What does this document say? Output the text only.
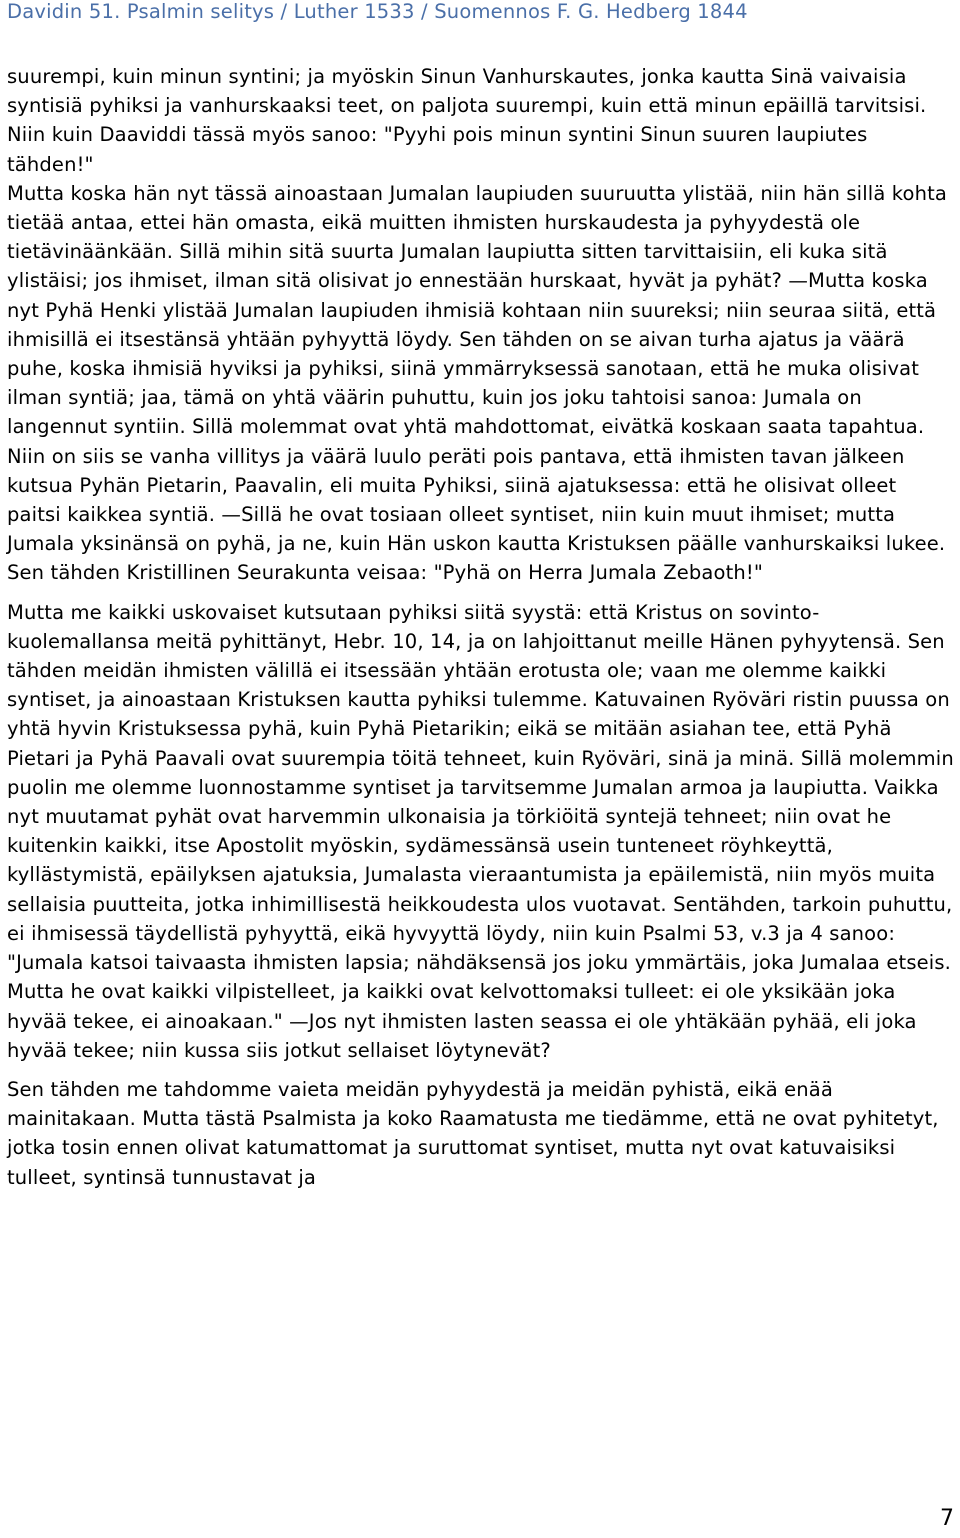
Davidin 51. Psalmin selitys / Luther 1533 / Suomennos F. G. Hedberg 1844

suurempi, kuin minun syntini; ja myöskin Sinun Vanhurskautes, jonka kautta Sinä vaivaisia syntisiä pyhiksi ja vanhurskaaksi teet, on paljota suurempi, kuin että minun epäillä tarvitsisi. Niin kuin Daaviddi tässä myös sanoo: "Pyyhi pois minun syntini Sinun suuren laupiutes tähden!"

Mutta koska hän nyt tässä ainoastaan Jumalan laupiuden suuruutta ylistää, niin hän sillä kohta tietää antaa, ettei hän omasta, eikä muitten ihmisten hurskaudesta ja pyhyydestä ole tietävinäänkään. Sillä mihin sitä suurta Jumalan laupiutta sitten tarvittaisiin, eli kuka sitä ylistäisi; jos ihmiset, ilman sitä olisivat jo ennestään hurskaat, hyvät ja pyhät? —Mutta koska nyt Pyhä Henki ylistää Jumalan laupiuden ihmisiä kohtaan niin suureksi; niin seuraa siitä, että ihmisillä ei itsestänsä yhtään pyhyyttä löydy. Sen tähden on se aivan turha ajatus ja väärä puhe, koska ihmisiä hyviksi ja pyhiksi, siinä ymmärryksessä sanotaan, että he muka olisivat ilman syntiä; jaa, tämä on yhtä väärin puhuttu, kuin jos joku tahtoisi sanoa: Jumala on langennut syntiin. Sillä molemmat ovat yhtä mahdottomat, eivätkä koskaan saata tapahtua. Niin on siis se vanha villitys ja väärä luulo peräti pois pantava, että ihmisten tavan jälkeen kutsua Pyhän Pietarin, Paavalin, eli muita Pyhiksi, siinä ajatuksessa: että he olisivat olleet paitsi kaikkea syntiä. —Sillä he ovat tosiaan olleet syntiset, niin kuin muut ihmiset; mutta Jumala yksinänsä on pyhä, ja ne, kuin Hän uskon kautta Kristuksen päälle vanhurskaiksi lukee. Sen tähden Kristillinen Seurakunta veisaa: "Pyhä on Herra Jumala Zebaoth!"

Mutta me kaikki uskovaiset kutsutaan pyhiksi siitä syystä: että Kristus on sovinto-kuolemallansa meitä pyhittänyt, Hebr. 10, 14, ja on lahjoittanut meille Hänen pyhyytensä. Sen tähden meidän ihmisten välillä ei itsessään yhtään erotusta ole; vaan me olemme kaikki syntiset, ja ainoastaan Kristuksen kautta pyhiksi tulemme. Katuvainen Ryöväri ristin puussa on yhtä hyvin Kristuksessa pyhä, kuin Pyhä Pietarikin; eikä se mitään asiahan tee, että Pyhä Pietari ja Pyhä Paavali ovat suurempia töitä tehneet, kuin Ryöväri, sinä ja minä. Sillä molemmin puolin me olemme luonnostamme syntiset ja tarvitsemme Jumalan armoa ja laupiutta. Vaikka nyt muutamat pyhät ovat harvemmin ulkonaisia ja törkiöitä syntejä tehneet; niin ovat he kuitenkin kaikki, itse Apostolit myöskin, sydämessänsä usein tunteneet röyhkeyttä, kyllästymistä, epäilyksen ajatuksia, Jumalasta vieraantumista ja epäilemistä, niin myös muita sellaisia puutteita, jotka inhimillisestä heikkoudesta ulos vuotavat. Sentähden, tarkoin puhuttu, ei ihmisessä täydellistä pyhyyttä, eikä hyvyyttä löydy, niin kuin Psalmi 53, v.3 ja 4 sanoo: "Jumala katsoi taivaasta ihmisten lapsia; nähdäksensä jos joku ymmärtäis, joka Jumalaa etseis. Mutta he ovat kaikki vilpistelleet, ja kaikki ovat kelvottomaksi tulleet: ei ole yksikään joka hyvää tekee, ei ainoakaan." —Jos nyt ihmisten lasten seassa ei ole yhtäkään pyhää, eli joka hyvää tekee; niin kussa siis jotkut sellaiset löytynevät?

Sen tähden me tahdomme vaieta meidän pyhyydestä ja meidän pyhistä, eikä enää mainitakaan. Mutta tästä Psalmista ja koko Raamatusta me tiedämme, että ne ovat pyhitetyt, jotka tosin ennen olivat katumattomat ja suruttomat syntiset, mutta nyt ovat katuvaisiksi tulleet, syntinsä tunnustavat ja

7
